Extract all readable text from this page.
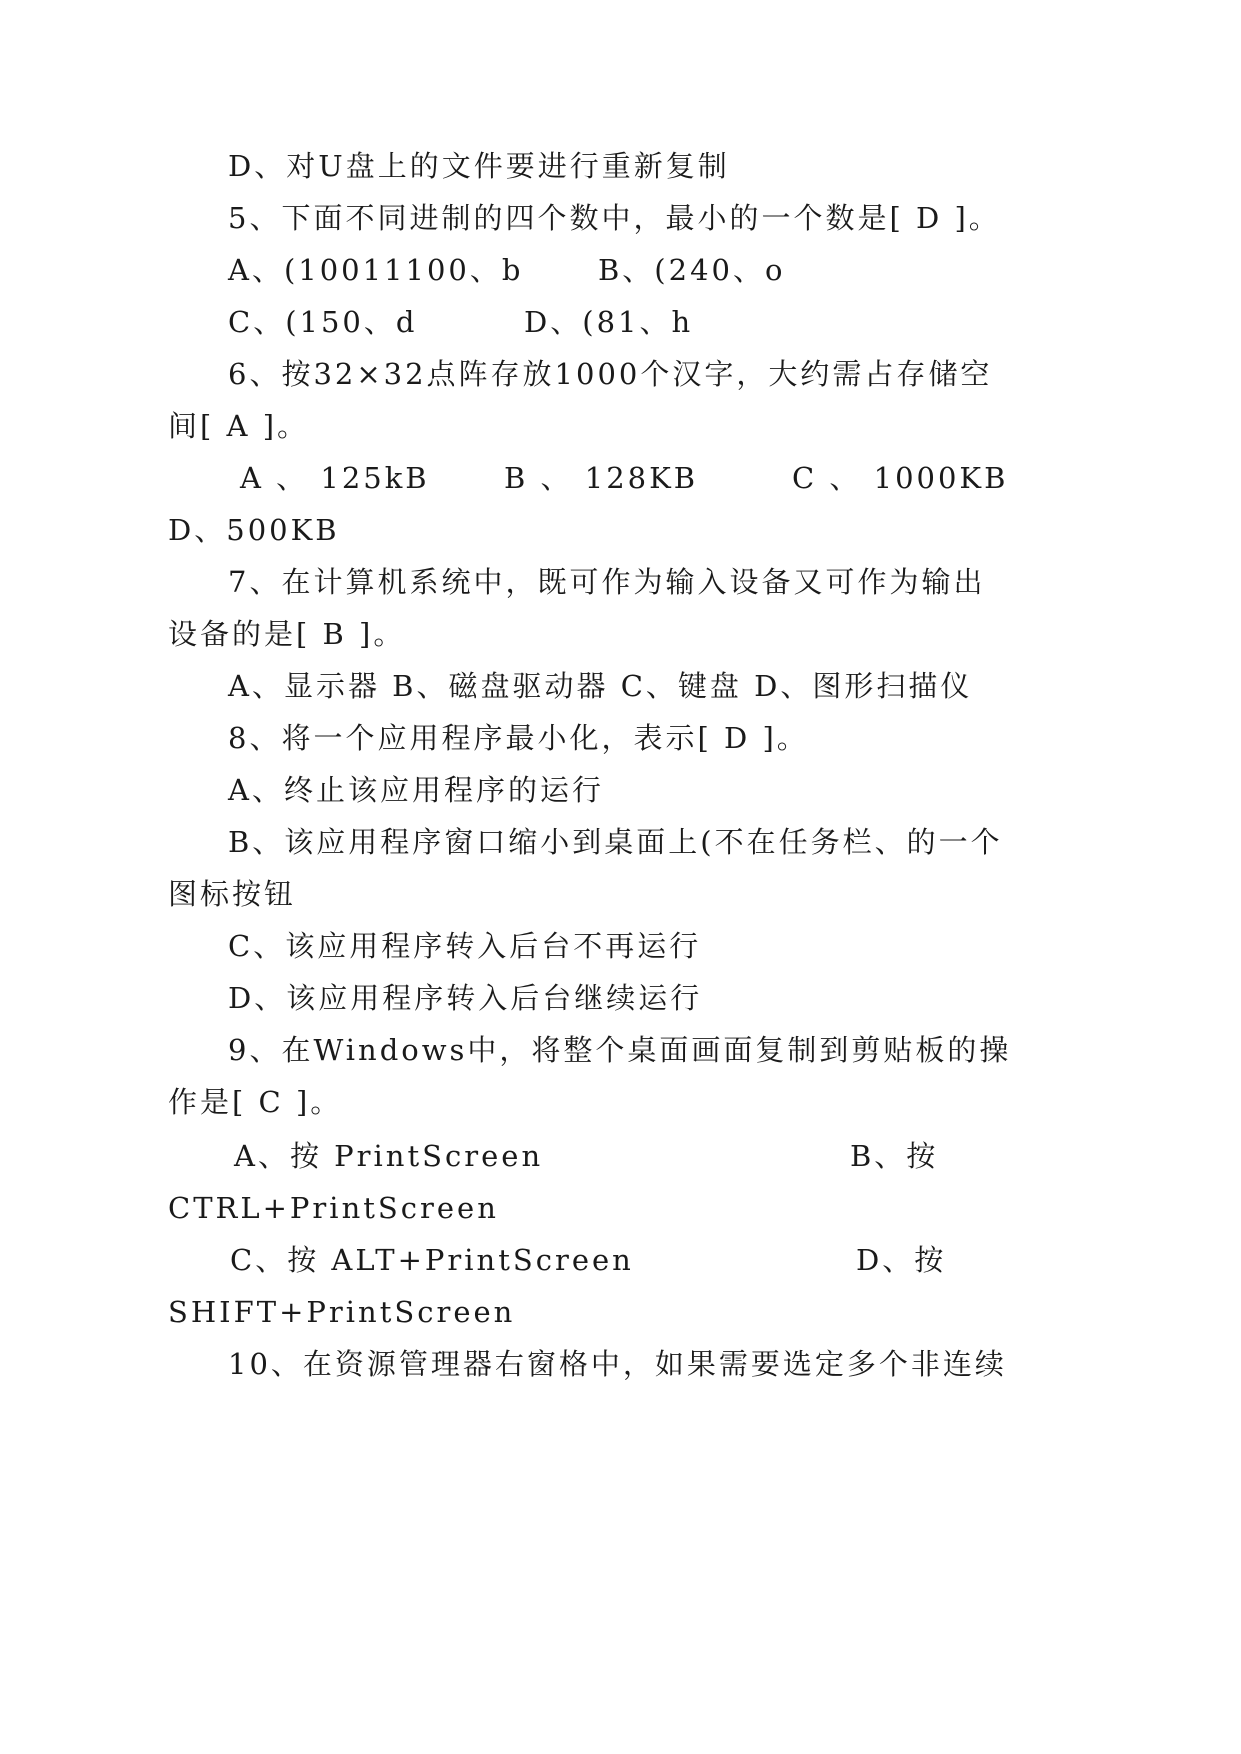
D、对U盘上的文件要进行重新复制
5、下面不同进制的四个数中，最小的一个数是[ D ]。
A、(10011100、b	B、(240、o
C、(150、d	D、(81、h
6、按32×32点阵存放1000个汉字，大约需占存储空
间[ A ]。
A 、 125kB	B 、 128KB	C 、 1000KB
D、500KB
7、在计算机系统中，既可作为输入设备又可作为输出
设备的是[ B ]。
A、显示器 B、磁盘驱动器 C、键盘 D、图形扫描仪
8、将一个应用程序最小化，表示[ D ]。
A、终止该应用程序的运行
B、该应用程序窗口缩小到桌面上(不在任务栏、的一个
图标按钮
C、该应用程序转入后台不再运行
D、该应用程序转入后台继续运行
9、在Windows中，将整个桌面画面复制到剪贴板的操
作是[ C ]。
A、按 PrintScreen	B、按
CTRL+PrintScreen
C、按 ALT+PrintScreen	D、按
SHIFT+PrintScreen
10、在资源管理器右窗格中，如果需要选定多个非连续
